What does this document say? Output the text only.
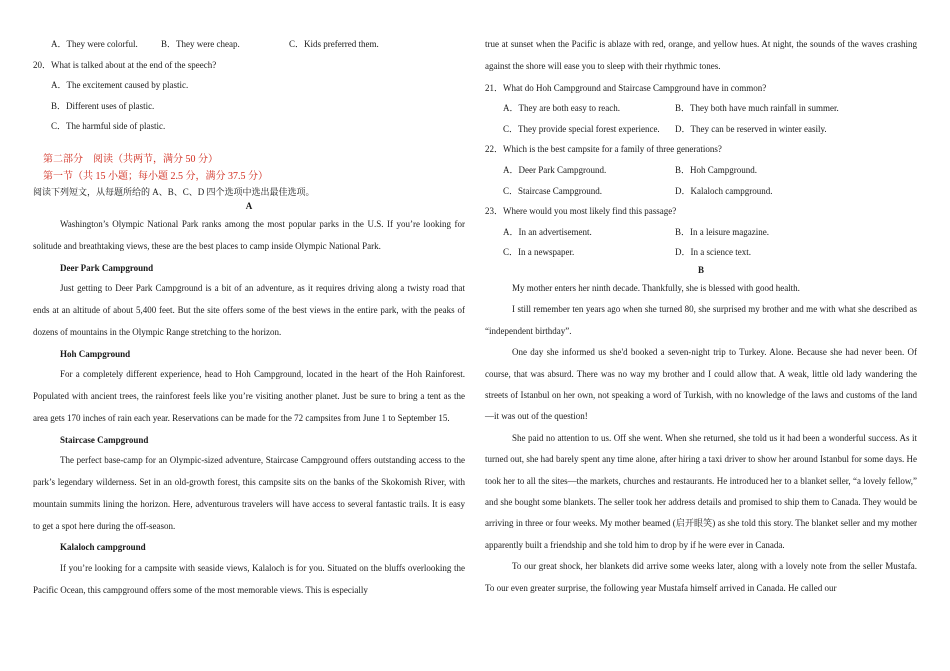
A．They were colorful.	B．They were cheap.	C．Kids preferred them.
20．What is talked about at the end of the speech?
A．The excitement caused by plastic.
B．Different uses of plastic.
C．The harmful side of plastic.
第二部分　阅读（共两节，满分 50 分）
第一节（共 15 小题；每小题 2.5 分，满分 37.5 分）
阅读下列短文，从每题所给的 A、B、C、D 四个选项中选出最佳选项。
A

Washington’s Olympic National Park ranks among the most popular parks in the U.S. If you’re looking for solitude and breathtaking views, these are the best places to camp inside Olympic National Park.

Deer Park Campground

Just getting to Deer Park Campground is a bit of an adventure, as it requires driving along a twisty road that ends at an altitude of about 5,400 feet. But the site offers some of the best views in the entire park, with the peaks of dozens of mountains in the Olympic Range stretching to the horizon.

Hoh Campground

For a completely different experience, head to Hoh Campground, located in the heart of the Hoh Rainforest. Populated with ancient trees, the rainforest feels like you’re visiting another planet. Just be sure to bring a tent as the area gets 170 inches of rain each year. Reservations can be made for the 72 campsites from June 1 to September 15.

Staircase Campground

The perfect base-camp for an Olympic-sized adventure, Staircase Campground offers outstanding access to the park’s legendary wilderness. Set in an old-growth forest, this campsite sits on the banks of the Skokomish River, with mountain summits lining the horizon. Here, adventurous travelers will have access to several fantastic trails. It is easy to get a spot here during the off-season.

Kalaloch campground

If you’re looking for a campsite with seaside views, Kalaloch is for you. Situated on the bluffs overlooking the Pacific Ocean, this campground offers some of the most memorable views. This is especially

true at sunset when the Pacific is ablaze with red, orange, and yellow hues. At night, the sounds of the waves crashing against the shore will ease you to sleep with their rhythmic tones.

21．What do Hoh Campground and Staircase Campground have in common?
A．They are both easy to reach.	B．They both have much rainfall in summer.
C．They provide special forest experience.	D．They can be reserved in winter easily.
22．Which is the best campsite for a family of three generations?
A．Deer Park Campground.	B．Hoh Campground.
C．Staircase Campground.	D．Kalaloch campground.
23．Where would you most likely find this passage?
A．In an advertisement.	B．In a leisure magazine.
C．In a newspaper.	D．In a science text.
B

My mother enters her ninth decade. Thankfully, she is blessed with good health.

I still remember ten years ago when she turned 80, she surprised my brother and me with what she described as “independent birthday”.

One day she informed us she'd booked a seven-night trip to Turkey. Alone. Because she had never been. Of course, that was absurd. There was no way my brother and I could allow that. A weak, little old lady wandering the streets of Istanbul on her own, not speaking a word of Turkish, with no knowledge of the laws and customs of the land—it was out of the question!

She paid no attention to us. Off she went. When she returned, she told us it had been a wonderful success. As it turned out, she had barely spent any time alone, after hiring a taxi driver to show her around Istanbul for some days. He took her to all the sites—the markets, churches and restaurants. He introduced her to a blanket seller, “a lovely fellow,” and she bought some blankets. The seller took her address details and promised to ship them to Canada. They would be arriving in three or four weeks. My mother beamed (启开眼笑) as she told this story. The blanket seller and my mother apparently built a friendship and she told him to drop by if he were ever in Canada.

To our great shock, her blankets did arrive some weeks later, along with a lovely note from the seller Mustafa. To our even greater surprise, the following year Mustafa himself arrived in Canada. He called our
